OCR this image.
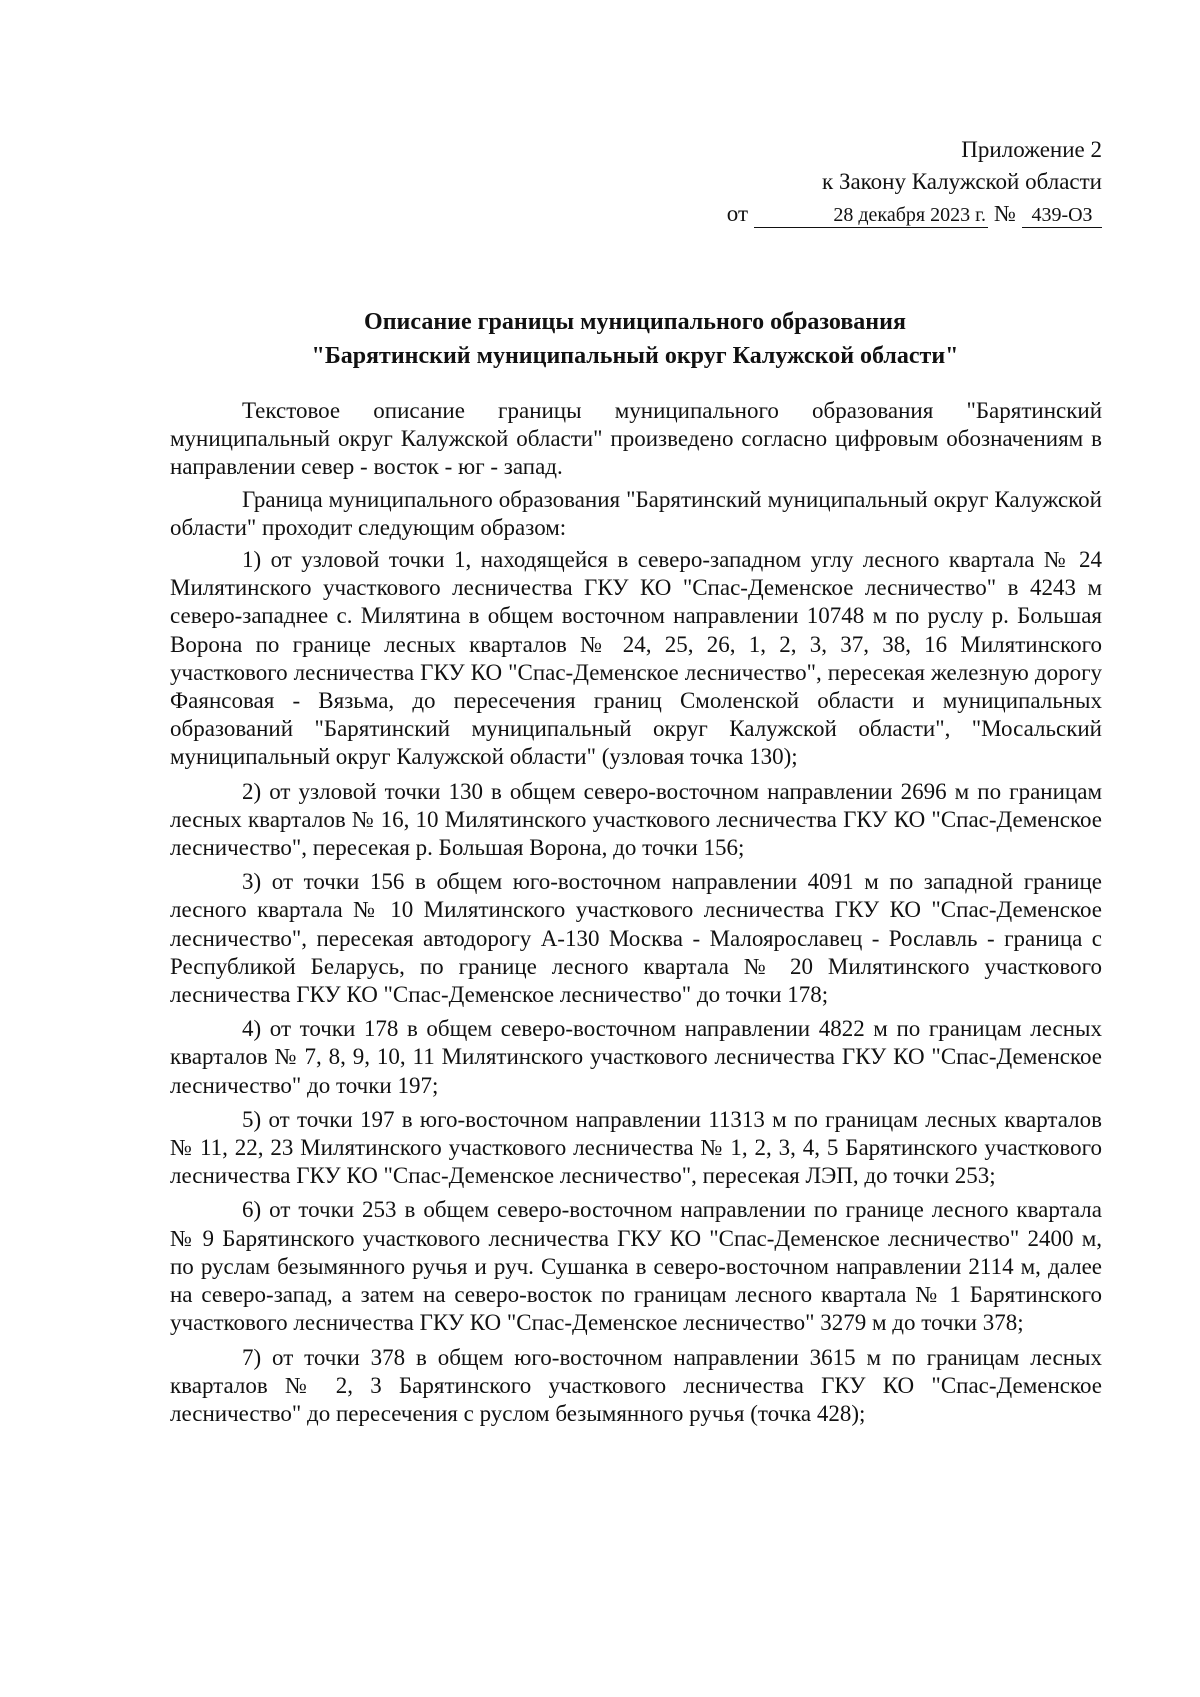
Приложение 2
к Закону Калужской области
от	28 декабря 2023 г. № 439-ОЗ
Описание границы муниципального образования
"Барятинский муниципальный округ Калужской области"

Текстовое описание границы муниципального образования "Барятинский муниципальный округ Калужской области" произведено согласно цифровым обозначениям в направлении север - восток - юг - запад.

Граница муниципального образования "Барятинский муниципальный округ Калужской области" проходит следующим образом:

1) от узловой точки 1, находящейся в северо-западном углу лесного квартала № 24 Милятинского участкового лесничества ГКУ КО "Спас-Деменское лесничество" в 4243 м северо-западнее с. Милятина в общем восточном направлении 10748 м по руслу р. Большая Ворона по границе лесных кварталов № 24, 25, 26, 1, 2, 3, 37, 38, 16 Милятинского участкового лесничества ГКУ КО "Спас-Деменское лесничество", пересекая железную дорогу Фаянсовая - Вязьма, до пересечения границ Смоленской области и муниципальных образований "Барятинский муниципальный округ Калужской области", "Мосальский муниципальный округ Калужской области" (узловая точка 130);

2) от узловой точки 130 в общем северо-восточном направлении 2696 м по границам лесных кварталов № 16, 10 Милятинского участкового лесничества ГКУ КО "Спас-Деменское лесничество", пересекая р. Большая Ворона, до точки 156;

3) от точки 156 в общем юго-восточном направлении 4091 м по западной границе лесного квартала № 10 Милятинского участкового лесничества ГКУ КО "Спас-Деменское лесничество", пересекая автодорогу А-130 Москва - Малоярославец - Рославль - граница с Республикой Беларусь, по границе лесного квартала № 20 Милятинского участкового лесничества ГКУ КО "Спас-Деменское лесничество" до точки 178;

4) от точки 178 в общем северо-восточном направлении 4822 м по границам лесных кварталов № 7, 8, 9, 10, 11 Милятинского участкового лесничества ГКУ КО "Спас-Деменское лесничество" до точки 197;

5) от точки 197 в юго-восточном направлении 11313 м по границам лесных кварталов № 11, 22, 23 Милятинского участкового лесничества № 1, 2, 3, 4, 5 Барятинского участкового лесничества ГКУ КО "Спас-Деменское лесничество", пересекая ЛЭП, до точки 253;

6) от точки 253 в общем северо-восточном направлении по границе лесного квартала № 9 Барятинского участкового лесничества ГКУ КО "Спас-Деменское лесничество" 2400 м, по руслам безымянного ручья и руч. Сушанка в северо-восточном направлении 2114 м, далее на северо-запад, а затем на северо-восток по границам лесного квартала № 1 Барятинского участкового лесничества ГКУ КО "Спас-Деменское лесничество" 3279 м до точки 378;

7) от точки 378 в общем юго-восточном направлении 3615 м по границам лесных кварталов № 2, 3 Барятинского участкового лесничества ГКУ КО "Спас-Деменское лесничество" до пересечения с руслом безымянного ручья (точка 428);
